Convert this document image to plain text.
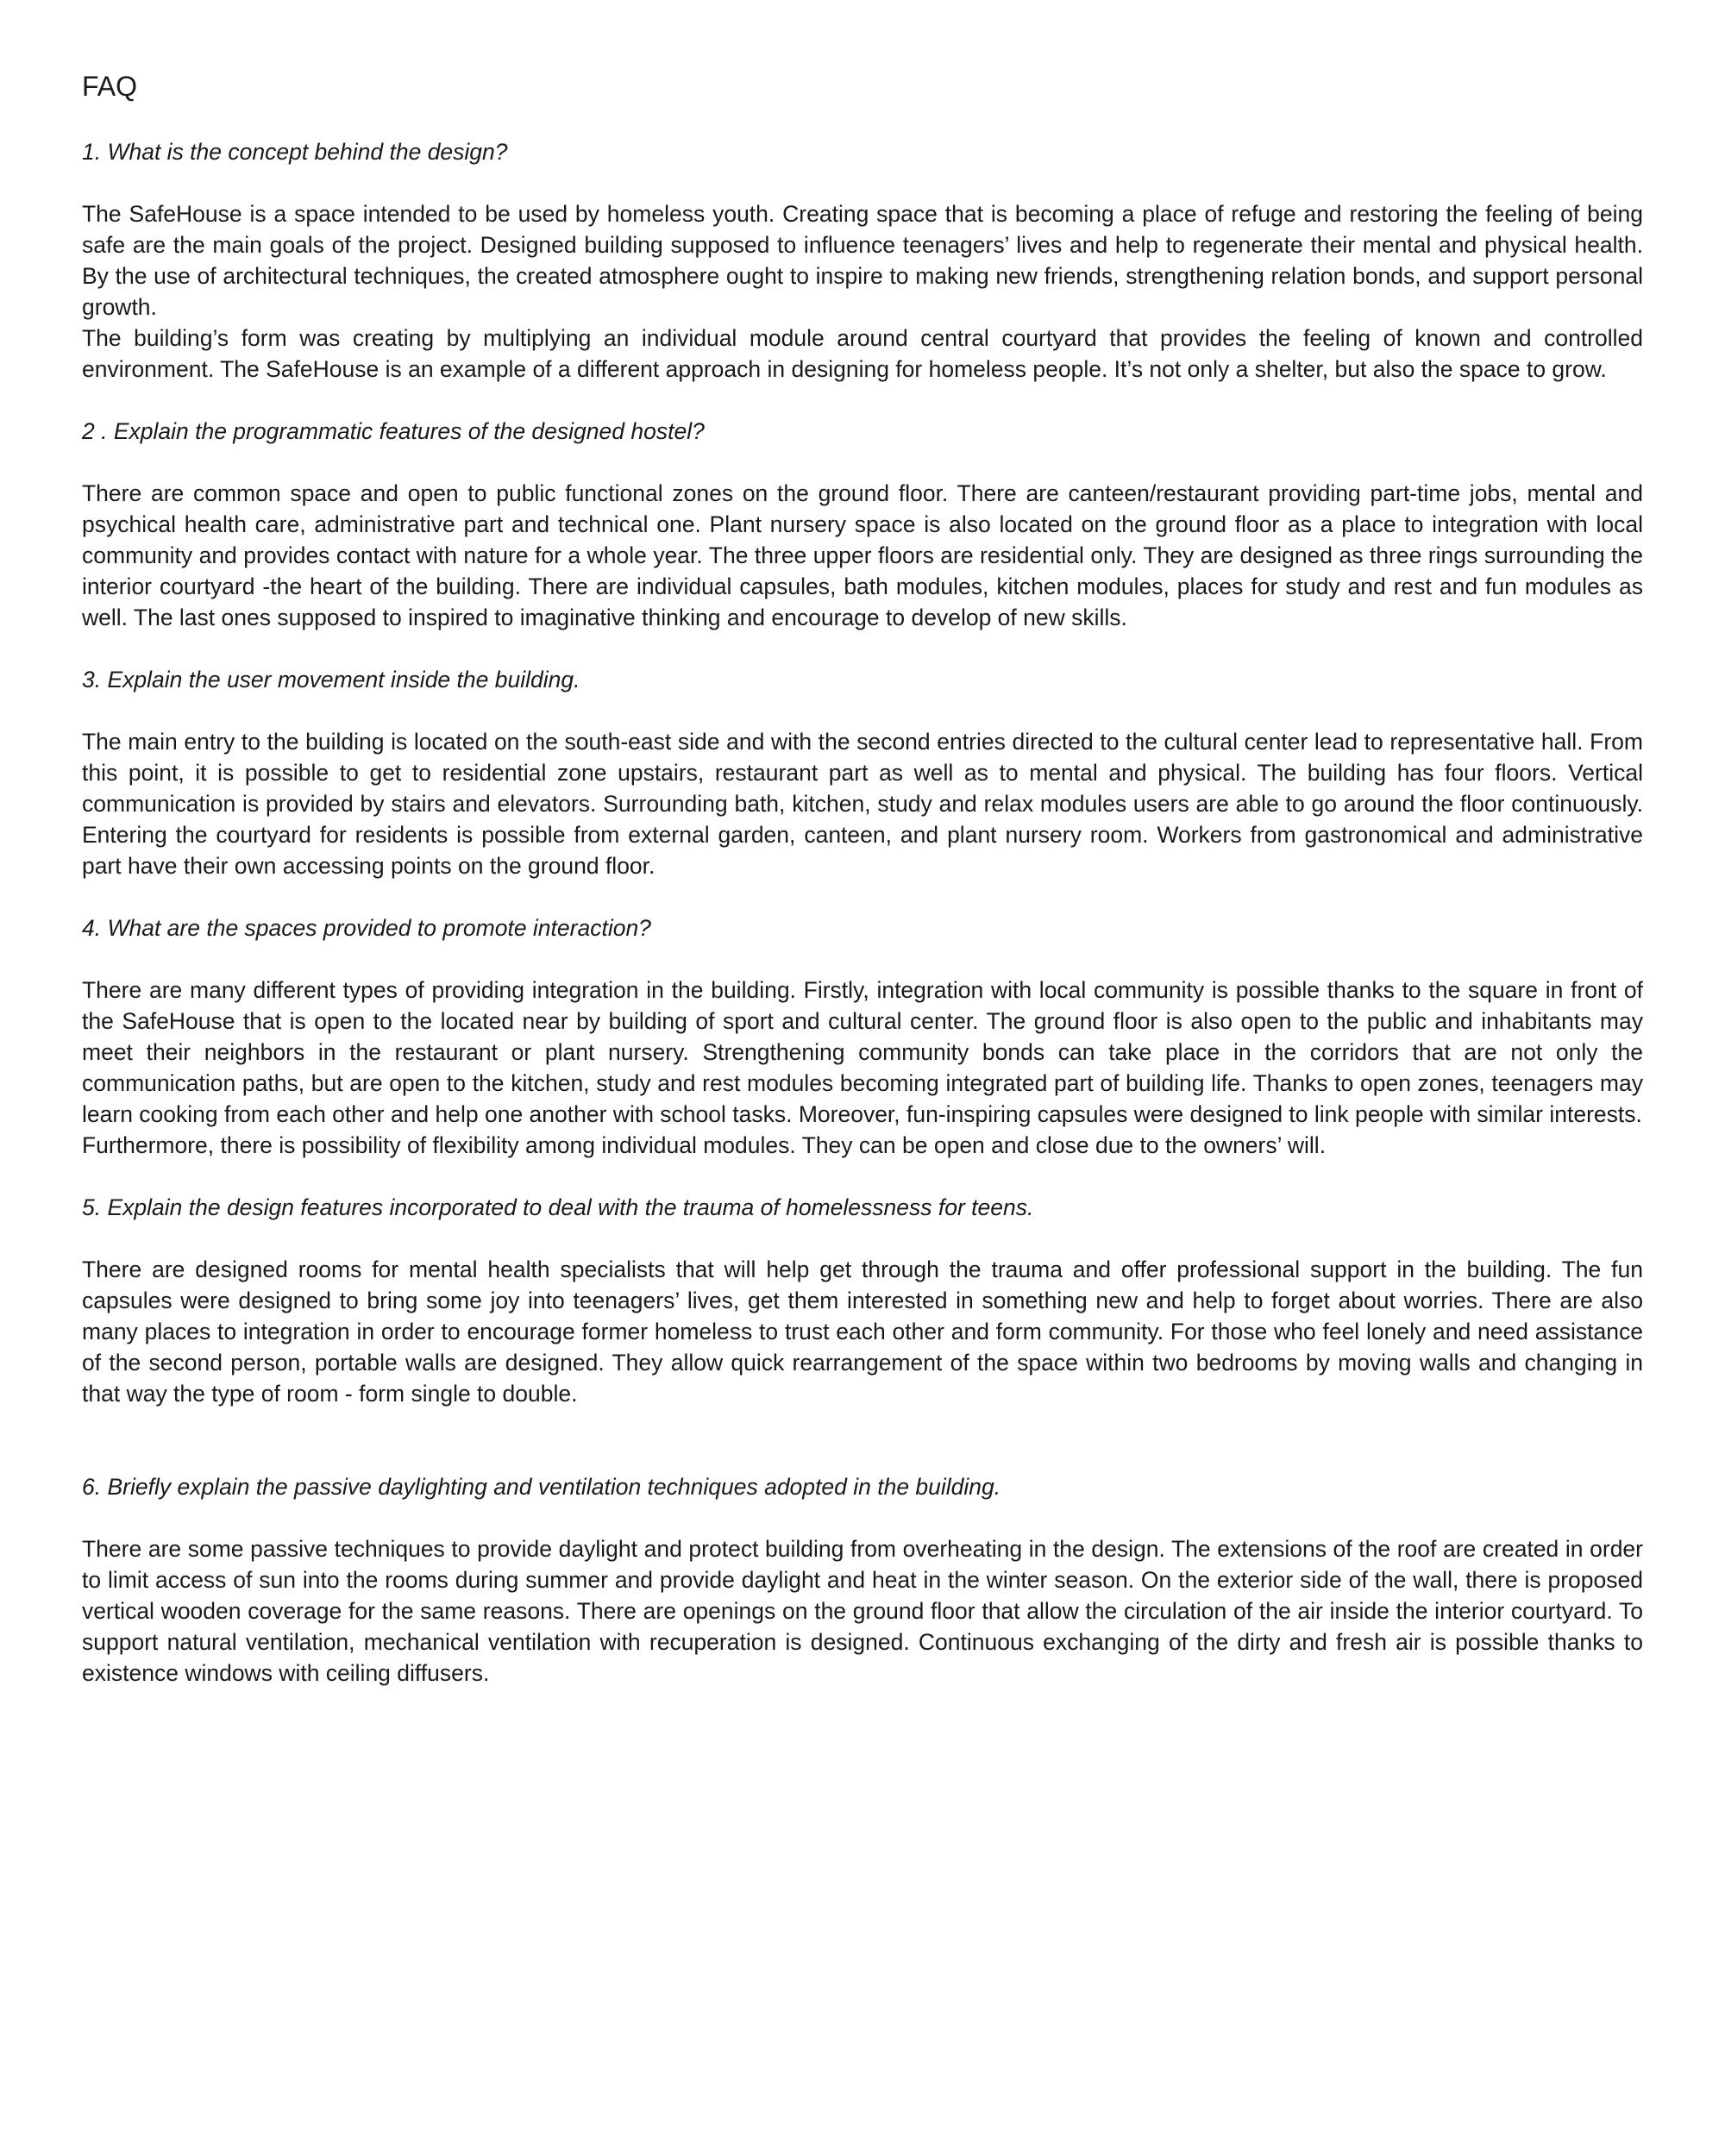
FAQ

1. What is the concept behind the design?

The SafeHouse is a space intended to be used by homeless youth. Creating space that is becoming a place of refuge and restoring the feeling of being safe are the main goals of the project. Designed building supposed to influence teenagers’ lives and help to regenerate their mental and physical health. By the use of architectural techniques, the created atmosphere ought to inspire to making new friends, strengthening relation bonds, and support personal growth.

The building’s form was creating by multiplying an individual module around central courtyard that provides the feeling of known and controlled environment. The SafeHouse is an example of a different approach in designing for homeless people. It’s not only a shelter, but also the space to grow.

2 . Explain the programmatic features of the designed hostel?

There are common space and open to public functional zones on the ground floor. There are canteen/restaurant providing part-time jobs, mental and psychical health care, administrative part and technical one. Plant nursery space is also located on the ground floor as a place to integration with local community and provides contact with nature for a whole year. The three upper floors are residential only. They are designed as three rings surrounding the interior courtyard -the heart of the building. There are individual capsules, bath modules, kitchen modules, places for study and rest and fun modules as well. The last ones supposed to inspired to imaginative thinking and encourage to develop of new skills.

3. Explain the user movement inside the building.

The main entry to the building is located on the south-east side and with the second entries directed to the cultural center lead to representative hall. From this point, it is possible to get to residential zone upstairs, restaurant part as well as to mental and physical. The building has four floors. Vertical communication is provided by stairs and elevators. Surrounding bath, kitchen, study and relax modules users are able to go around the floor continuously. Entering the courtyard for residents is possible from external garden, canteen, and plant nursery room. Workers from gastronomical and administrative part have their own accessing points on the ground floor.

4. What are the spaces provided to promote interaction?

There are many different types of providing integration in the building. Firstly, integration with local community is possible thanks to the square in front of the SafeHouse that is open to the located near by building of sport and cultural center. The ground floor is also open to the public and inhabitants may meet their neighbors in the restaurant or plant nursery. Strengthening community bonds can take place in the corridors that are not only the communication paths, but are open to the kitchen, study and rest modules becoming integrated part of building life. Thanks to open zones, teenagers may learn cooking from each other and help one another with school tasks. Moreover, fun-inspiring capsules were designed to link people with similar interests.

Furthermore, there is possibility of flexibility among individual modules. They can be open and close due to the owners’ will.

5. Explain the design features incorporated to deal with the trauma of homelessness for teens.

There are designed rooms for mental health specialists that will help get through the trauma and offer professional support in the building. The fun capsules were designed to bring some joy into teenagers’ lives, get them interested in something new and help to forget about worries. There are also many places to integration in order to encourage former homeless to trust each other and form community. For those who feel lonely and need assistance of the second person, portable walls are designed. They allow quick rearrangement of the space within two bedrooms by moving walls and changing in that way the type of room - form single to double.

6. Briefly explain the passive daylighting and ventilation techniques adopted in the building.

There are some passive techniques to provide daylight and protect building from overheating in the design. The extensions of the roof are created in order to limit access of sun into the rooms during summer and provide daylight and heat in the winter season. On the exterior side of the wall, there is proposed vertical wooden coverage for the same reasons. There are openings on the ground floor that allow the circulation of the air inside the interior courtyard. To support natural ventilation, mechanical ventilation with recuperation is designed. Continuous exchanging of the dirty and fresh air is possible thanks to existence windows with ceiling diffusers.
